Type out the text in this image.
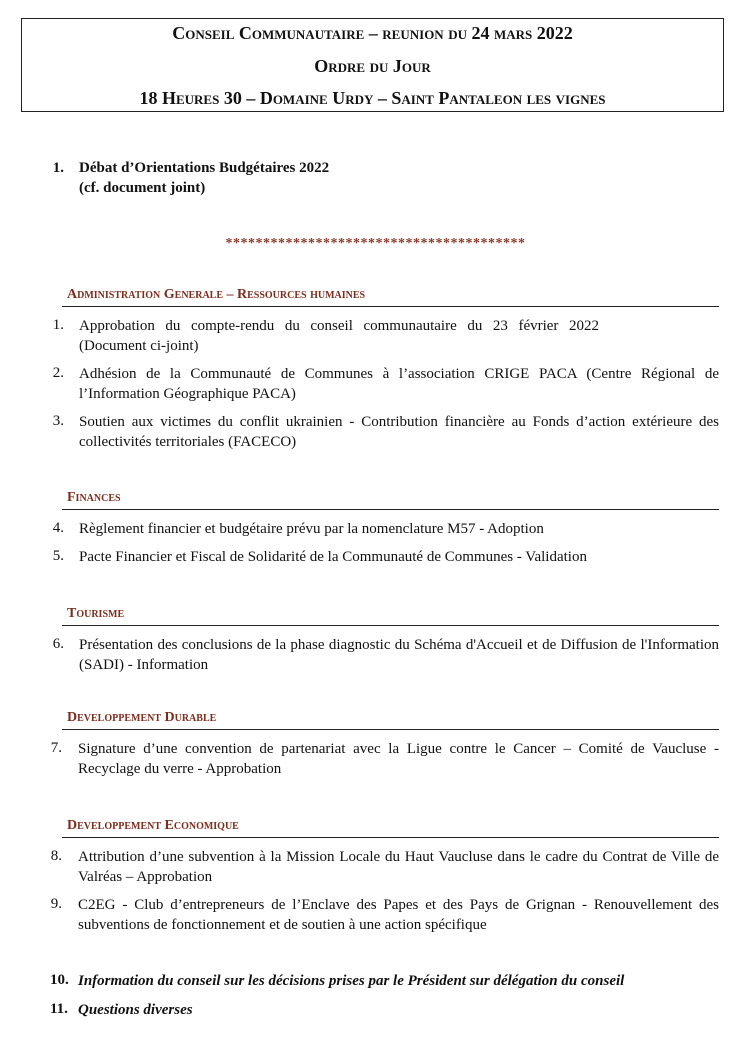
Conseil Communautaire – reunion du 24 mars 2022
Ordre du Jour
18 Heures 30 – Domaine Urdy – Saint Pantaleon les vignes
1. Débat d’Orientations Budgétaires 2022
(cf. document joint)
****************************************
Administration Generale – Ressources humaines
1. Approbation du compte-rendu du conseil communautaire du 23 février 2022 (Document ci-joint)
2. Adhésion de la Communauté de Communes à l’association CRIGE PACA (Centre Régional de l’Information Géographique PACA)
3. Soutien aux victimes du conflit ukrainien - Contribution financière au Fonds d’action extérieure des collectivités territoriales (FACECO)
Finances
4. Règlement financier et budgétaire prévu par la nomenclature M57 - Adoption
5. Pacte Financier et Fiscal de Solidarité de la Communauté de Communes - Validation
Tourisme
6. Présentation des conclusions de la phase diagnostic du Schéma d'Accueil et de Diffusion de l'Information (SADI) - Information
Developpement Durable
7. Signature d’une convention de partenariat avec la Ligue contre le Cancer – Comité de Vaucluse - Recyclage du verre - Approbation
Developpement Economique
8. Attribution d’une subvention à la Mission Locale du Haut Vaucluse dans le cadre du Contrat de Ville de Valréas – Approbation
9. C2EG - Club d’entrepreneurs de l’Enclave des Papes et des Pays de Grignan - Renouvellement des subventions de fonctionnement et de soutien à une action spécifique
10. Information du conseil sur les décisions prises par le Président sur délégation du conseil
11. Questions diverses
